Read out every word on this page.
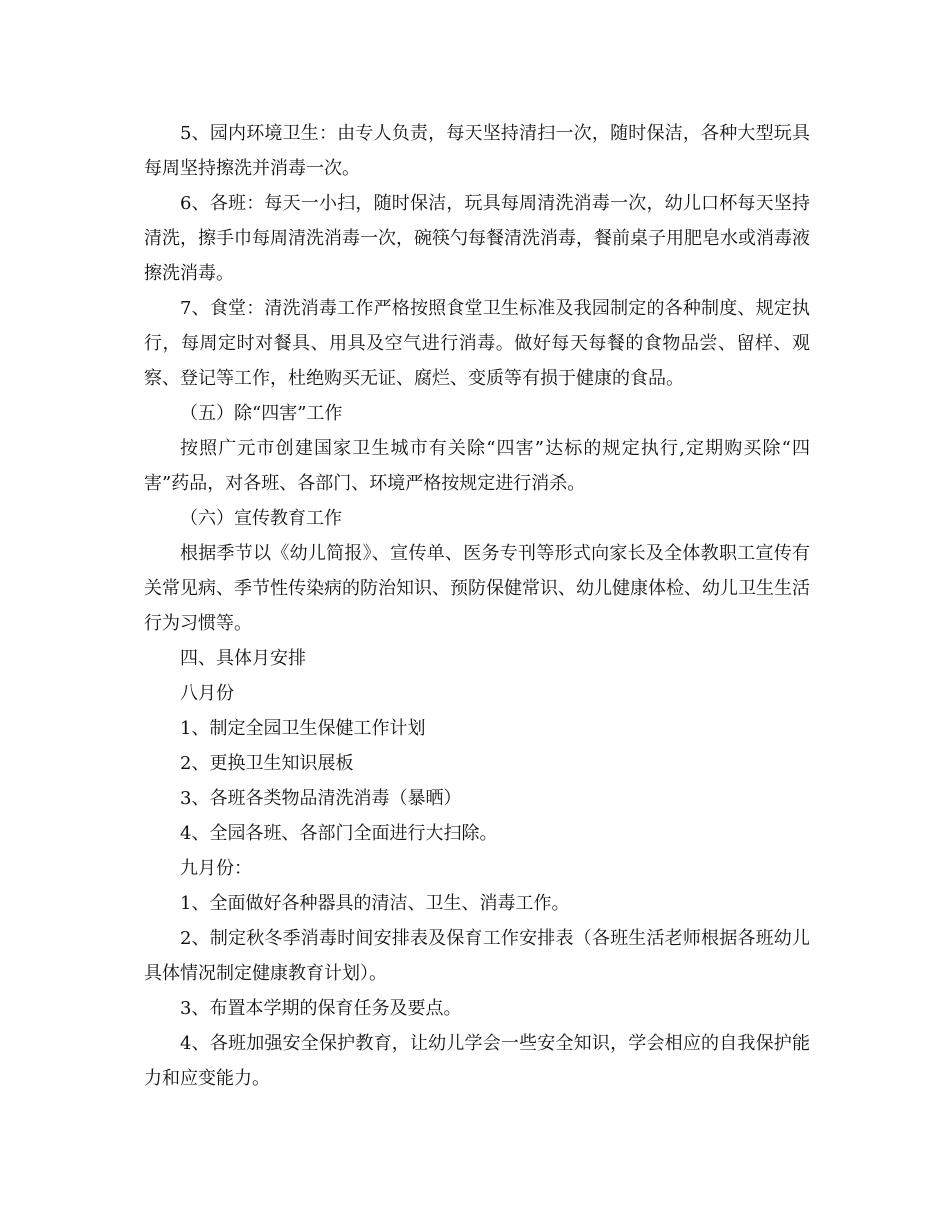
5、园内环境卫生：由专人负责，每天坚持清扫一次，随时保洁，各种大型玩具每周坚持擦洗并消毒一次。

6、各班：每天一小扫，随时保洁，玩具每周清洗消毒一次，幼儿口杯每天坚持清洗，擦手巾每周清洗消毒一次，碗筷勺每餐清洗消毒，餐前桌子用肥皂水或消毒液擦洗消毒。

7、食堂：清洗消毒工作严格按照食堂卫生标准及我园制定的各种制度、规定执行，每周定时对餐具、用具及空气进行消毒。做好每天每餐的食物品尝、留样、观察、登记等工作，杜绝购买无证、腐烂、变质等有损于健康的食品。

（五）除“四害”工作

按照广元市创建国家卫生城市有关除“四害”达标的规定执行,定期购买除“四害”药品，对各班、各部门、环境严格按规定进行消杀。

（六）宣传教育工作

根据季节以《幼儿简报》、宣传单、医务专刊等形式向家长及全体教职工宣传有关常见病、季节性传染病的防治知识、预防保健常识、幼儿健康体检、幼儿卫生生活行为习惯等。

四、具体月安排

八月份

1、制定全园卫生保健工作计划

2、更换卫生知识展板

3、各班各类物品清洗消毒（暴晒）

4、全园各班、各部门全面进行大扫除。

九月份：

1、全面做好各种器具的清洁、卫生、消毒工作。

2、制定秋冬季消毒时间安排表及保育工作安排表（各班生活老师根据各班幼儿具体情况制定健康教育计划）。

3、布置本学期的保育任务及要点。

4、各班加强安全保护教育，让幼儿学会一些安全知识，学会相应的自我保护能力和应变能力。
